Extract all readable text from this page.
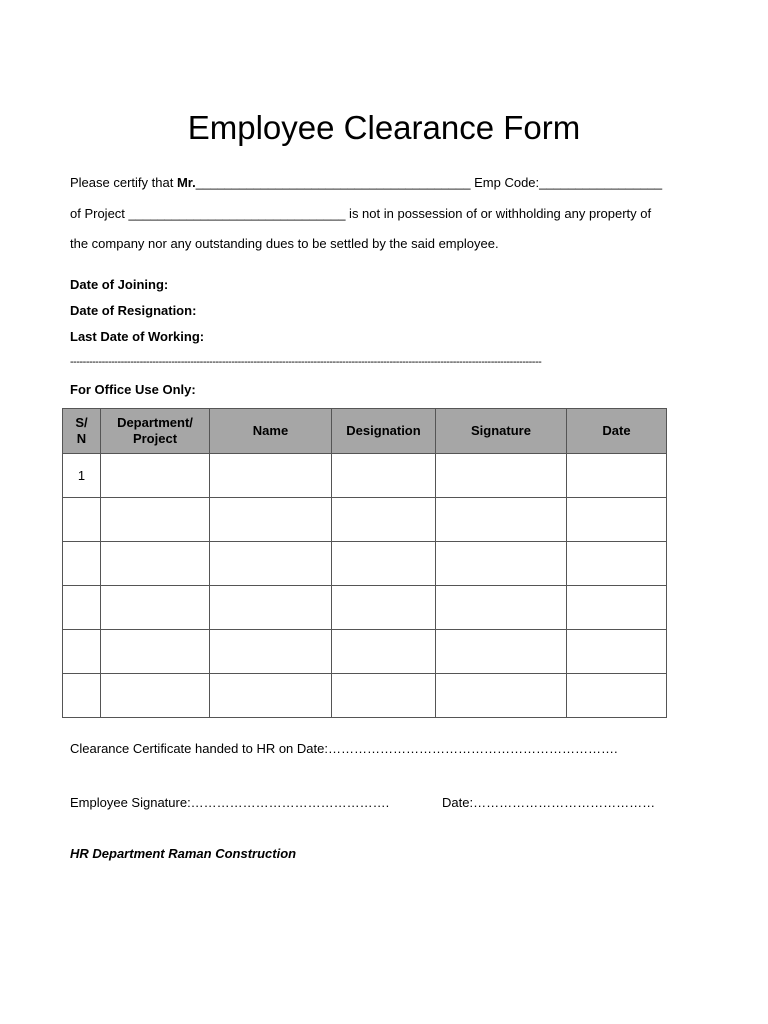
Employee Clearance Form
Please certify that Mr.______________________________________ Emp Code:_________________
of Project ______________________________ is not in possession of or withholding any property of
the company nor any outstanding dues to be settled by the said employee.
Date of Joining:
Date of Resignation:
Last Date of Working:
-----------------------------------------------------------------------------------------------------------------------------------------------------
For Office Use Only:
S/ N	Department/ Project	Name	Designation	Signature	Date
1					

Clearance Certificate handed to HR on Date:………………………………………………………….
Employee Signature:……………………………………….	Date:……………………………………
HR Department Raman Construction
